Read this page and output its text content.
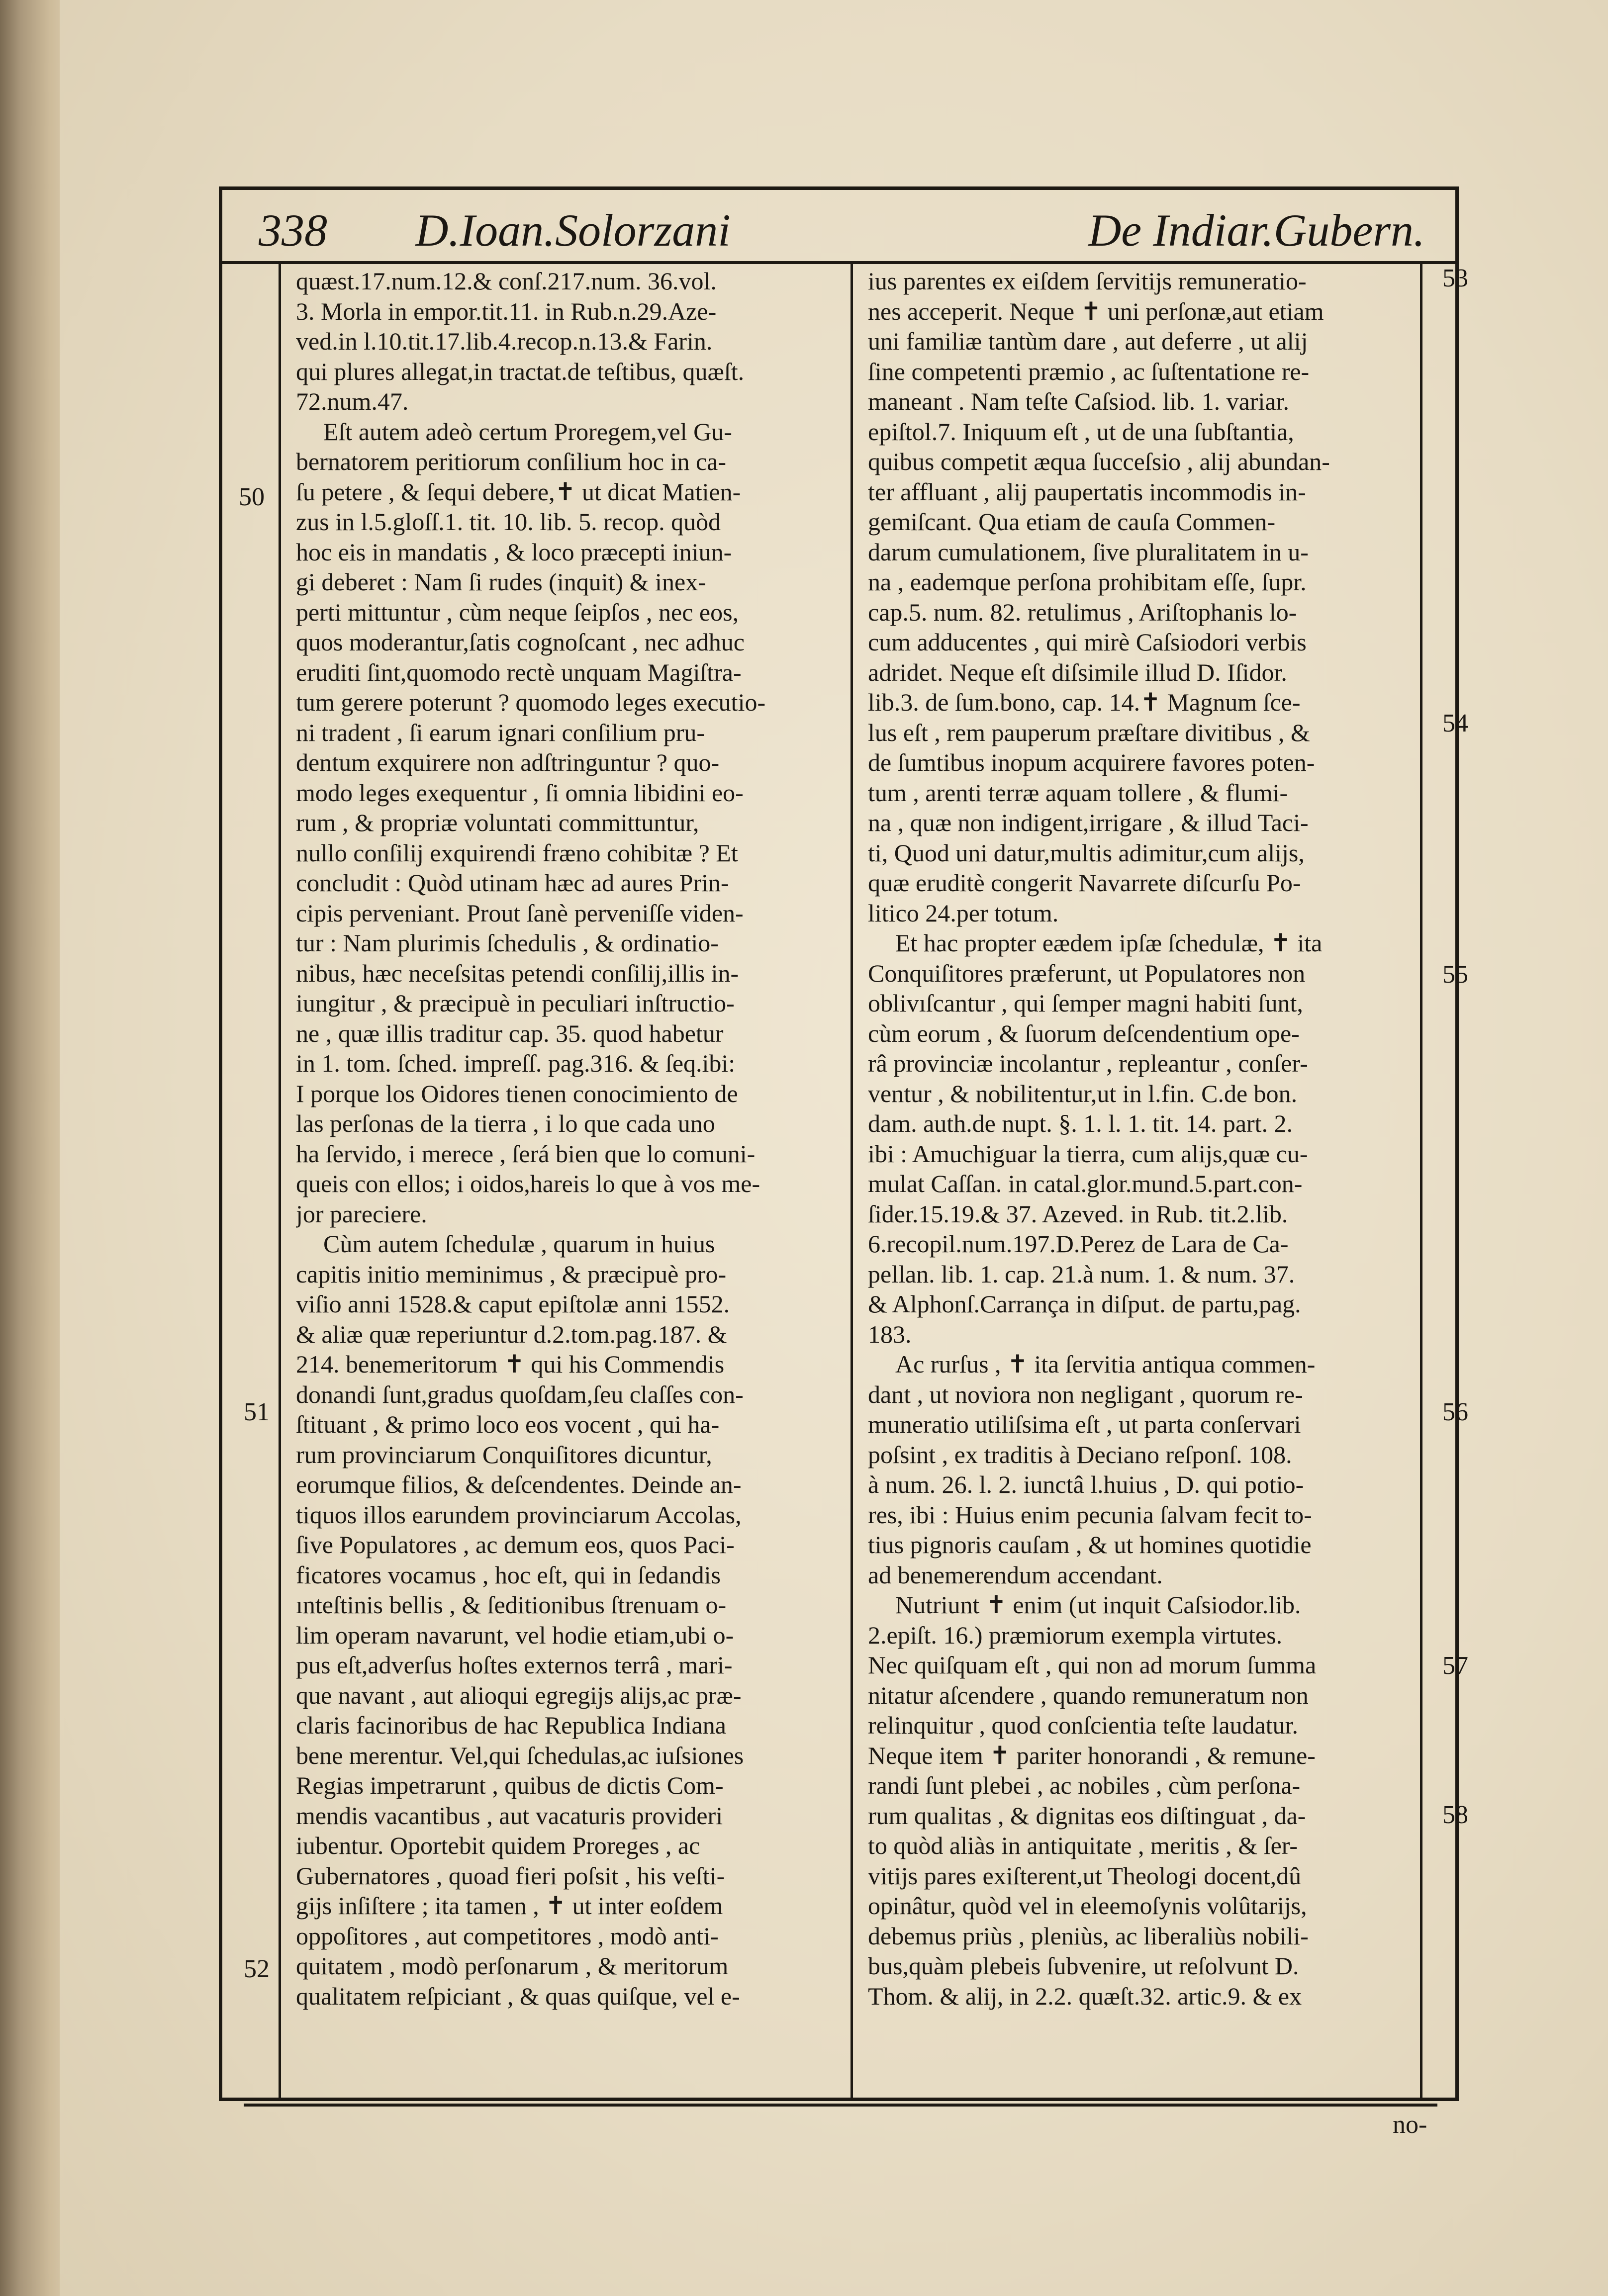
338 D.Ioan.Solorzani	De Indiar.Gubern.

quæst.17.num.12.& conſ.217.num. 36.vol.
3. Morla in empor.tit.11. in Rub.n.29.Aze-
ved.in l.10.tit.17.lib.4.recop.n.13.& Farin.
qui plures allegat,in tractat.de teſtibus, quæſt.
72.num.47.

Eſt autem adeò certum Proregem,vel Gu-
bernatorem peritiorum conſilium hoc in ca-
ſu petere , & ſequi debere,✝ ut dicat Matien-
zus in l.5.gloſſ.1. tit. 10. lib. 5. recop. quòd
hoc eis in mandatis , & loco præcepti iniun-
gi deberet : Nam ſi rudes (inquit) & inex-
perti mittuntur , cùm neque ſeipſos , nec eos,
quos moderantur,ſatis cognoſcant , nec adhuc
eruditi ſint,quomodo rectè unquam Magiſtra-
tum gerere poterunt ? quomodo leges executio-
ni tradent , ſi earum ignari conſilium pru-
dentum exquirere non adſtringuntur ? quo-
modo leges exequentur , ſi omnia libidini eo-
rum , & propriæ voluntati committuntur,
nullo conſilij exquirendi fræno cohibitæ ? Et
concludit : Quòd utinam hæc ad aures Prin-
cipis perveniant. Prout ſanè perveniſſe viden-
tur : Nam plurimis ſchedulis , & ordinatio-
nibus, hæc neceſsitas petendi conſilij,illis in-
iungitur , & præcipuè in peculiari inſtructio-
ne , quæ illis traditur cap. 35. quod habetur
in 1. tom. ſched. impreſſ. pag.316. & ſeq.ibi:
I porque los Oidores tienen conocimiento de
las perſonas de la tierra , i lo que cada uno
ha ſervido, i merece , ſerá bien que lo comuni-
queis con ellos; i oidos,hareis lo que à vos me-
jor pareciere.

Cùm autem ſchedulæ , quarum in huius
capitis initio meminimus , & præcipuè pro-
viſio anni 1528.& caput epiſtolæ anni 1552.
& aliæ quæ reperiuntur d.2.tom.pag.187. &
214. benemeritorum ✝ qui his Commendis
donandi ſunt,gradus quoſdam,ſeu claſſes con-
ſtituant , & primo loco eos vocent , qui ha-
rum provinciarum Conquiſitores dicuntur,
eorumque filios, & deſcendentes. Deinde an-
tiquos illos earundem provinciarum Accolas,
ſive Populatores , ac demum eos, quos Paci-
ficatores vocamus , hoc eſt, qui in ſedandis
ınteſtinis bellis , & ſeditionibus ſtrenuam o-
lim operam navarunt, vel hodie etiam,ubi o-
pus eſt,adverſus hoſtes externos terrâ , mari-
que navant , aut alioqui egregijs alijs,ac præ-
claris facinoribus de hac Republica Indiana
bene merentur. Vel,qui ſchedulas,ac iuſsiones
Regias impetrarunt , quibus de dictis Com-
mendis vacantibus , aut vacaturis provideri
iubentur. Oportebit quidem Proreges , ac
Gubernatores , quoad fieri poſsit , his veſti-
gijs inſiſtere ; ita tamen , ✝ ut inter eoſdem
oppoſitores , aut competitores , modò anti-
quitatem , modò perſonarum , & meritorum
qualitatem reſpiciant , & quas quiſque, vel e-

ius parentes ex eiſdem ſervitijs remuneratio-
nes acceperit. Neque ✝ uni perſonæ,aut etiam
uni familiæ tantùm dare , aut deferre , ut alij
ſine competenti præmio , ac ſuſtentatione re-
maneant . Nam teſte Caſsiod. lib. 1. variar.
epiſtol.7. Iniquum eſt , ut de una ſubſtantia,
quibus competit æqua ſucceſsio , alij abundan-
ter affluant , alij paupertatis incommodis in-
gemiſcant. Qua etiam de cauſa Commen-
darum cumulationem, ſive pluralitatem in u-
na , eademque perſona prohibitam eſſe, ſupr.
cap.5. num. 82. retulimus , Ariſtophanis lo-
cum adducentes , qui mirè Caſsiodori verbis
adridet. Neque eſt diſsimile illud D. Iſidor.
lib.3. de ſum.bono, cap. 14.✝ Magnum ſce-
lus eſt , rem pauperum præſtare divitibus , &
de ſumtibus inopum acquirere favores poten-
tum , arenti terræ aquam tollere , & flumi-
na , quæ non indigent,irrigare , & illud Taci-
ti, Quod uni datur,multis adimitur,cum alijs,
quæ eruditè congerit Navarrete diſcurſu Po-
litico 24.per totum.

Et hac propter eædem ipſæ ſchedulæ, ✝ ita
Conquiſitores præferunt, ut Populatores non
oblivıſcantur , qui ſemper magni habiti ſunt,
cùm eorum , & ſuorum deſcendentium ope-
râ provinciæ incolantur , repleantur , conſer-
ventur , & nobilitentur,ut in l.fin. C.de bon.
dam. auth.de nupt. §. 1. l. 1. tit. 14. part. 2.
ibi : Amuchiguar la tierra, cum alijs,quæ cu-
mulat Caſſan. in catal.glor.mund.5.part.con-
ſider.15.19.& 37. Azeved. in Rub. tit.2.lib.
6.recopil.num.197.D.Perez de Lara de Ca-
pellan. lib. 1. cap. 21.à num. 1. & num. 37.
& Alphonſ.Carrança in diſput. de partu,pag.
183.

Ac rurſus , ✝ ita ſervitia antiqua commen-
dant , ut noviora non negligant , quorum re-
muneratio utiliſsima eſt , ut parta conſervari
poſsint , ex traditis à Deciano reſponſ. 108.
à num. 26. l. 2. iunctâ l.huius , D. qui potio-
res, ibi : Huius enim pecunia ſalvam fecit to-
tius pignoris cauſam , & ut homines quotidie
ad benemerendum accendant.

Nutriunt ✝ enim (ut inquit Caſsiodor.lib.
2.epiſt. 16.) præmiorum exempla virtutes.
Nec quiſquam eſt , qui non ad morum ſumma
nitatur aſcendere , quando remuneratum non
relinquitur , quod conſcientia teſte laudatur.
Neque item ✝ pariter honorandi , & remune-
randi ſunt plebei , ac nobiles , cùm perſona-
rum qualitas , & dignitas eos diſtinguat , da-
to quòd aliàs in antiquitate , meritis , & ſer-
vitijs pares exiſterent,ut Theologi docent,dû
opinâtur, quòd vel in eleemoſynis volûtarijs,
debemus priùs , pleniùs, ac liberaliùs nobili-
bus,quàm plebeis ſubvenire, ut reſolvunt D.
Thom. & alij, in 2.2. quæſt.32. artic.9. & ex

50
51
52
53
54
55
56
57
58
no-
